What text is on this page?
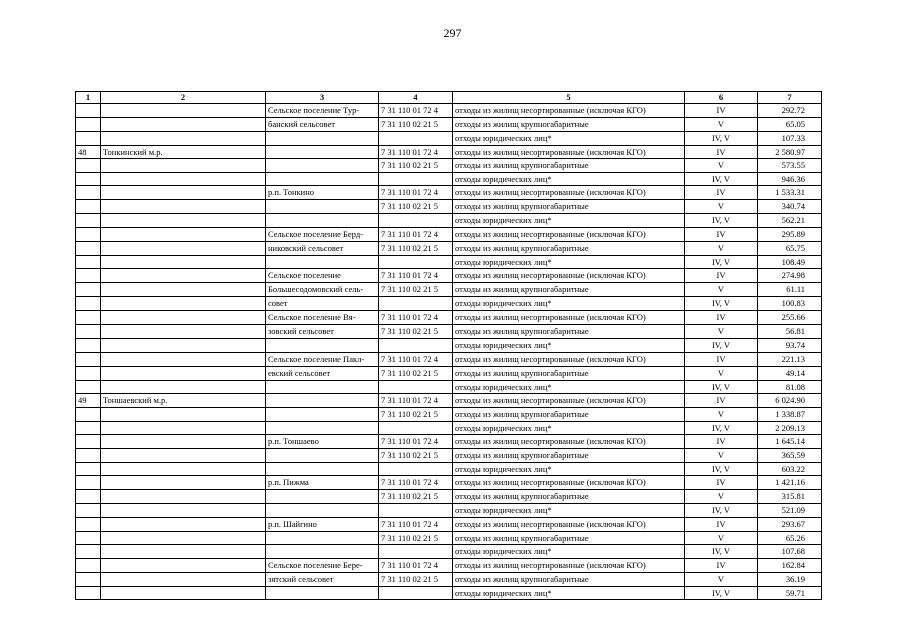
297
1	2	3	4	5	6	7
		Сельское поселение Тур-	7 31 110 01 72 4	отходы из жилищ несортированные (исключая КГО)	IV	292.72
		банский сельсовет	7 31 110 02 21 5	отходы из жилищ крупногабаритные	V	65.05
				отходы юридических лиц*	IV, V	107.33
48	Тонкинский м.р.		7 31 110 01 72 4	отходы из жилищ несортированные (исключая КГО)	IV	2 580.97
			7 31 110 02 21 5	отходы из жилищ крупногабаритные	V	573.55
				отходы юридических лиц*	IV, V	946.36
		р.п. Тонкино	7 31 110 01 72 4	отходы из жилищ несортированные (исключая КГО)	IV	1 533.31
			7 31 110 02 21 5	отходы из жилищ крупногабаритные	V	340.74
				отходы юридических лиц*	IV, V	562.21
		Сельское поселение Берд-	7 31 110 01 72 4	отходы из жилищ несортированные (исключая КГО)	IV	295.89
		никовский сельсовет	7 31 110 02 21 5	отходы из жилищ крупногабаритные	V	65.75
				отходы юридических лиц*	IV, V	108.49
		Сельское поселение	7 31 110 01 72 4	отходы из жилищ несортированные (исключая КГО)	IV	274.98
		Большесодомовский сель-	7 31 110 02 21 5	отходы из жилищ крупногабаритные	V	61.11
		совет		отходы юридических лиц*	IV, V	100.83
		Сельское поселение Вя-	7 31 110 01 72 4	отходы из жилищ несортированные (исключая КГО)	IV	255.66
		зовский сельсовет	7 31 110 02 21 5	отходы из жилищ крупногабаритные	V	56.81
				отходы юридических лиц*	IV, V	93.74
		Сельское поселение Пакл-	7 31 110 01 72 4	отходы из жилищ несортированные (исключая КГО)	IV	221.13
		евский сельсовет	7 31 110 02 21 5	отходы из жилищ крупногабаритные	V	49.14
				отходы юридических лиц*	IV, V	81.08
49	Тоншаевский м.р.		7 31 110 01 72 4	отходы из жилищ несортированные (исключая КГО)	IV	6 024.90
			7 31 110 02 21 5	отходы из жилищ крупногабаритные	V	1 338.87
				отходы юридических лиц*	IV, V	2 209.13
		р.п. Тоншаево	7 31 110 01 72 4	отходы из жилищ несортированные (исключая КГО)	IV	1 645.14
			7 31 110 02 21 5	отходы из жилищ крупногабаритные	V	365.59
				отходы юридических лиц*	IV, V	603.22
		р.п. Пижма	7 31 110 01 72 4	отходы из жилищ несортированные (исключая КГО)	IV	1 421.16
			7 31 110 02 21 5	отходы из жилищ крупногабаритные	V	315.81
				отходы юридических лиц*	IV, V	521.09
		р.п. Шайгино	7 31 110 01 72 4	отходы из жилищ несортированные (исключая КГО)	IV	293.67
			7 31 110 02 21 5	отходы из жилищ крупногабаритные	V	65.26
				отходы юридических лиц*	IV, V	107.68
		Сельское поселение Бере-	7 31 110 01 72 4	отходы из жилищ несортированные (исключая КГО)	IV	162.84
		зятский сельсовет	7 31 110 02 21 5	отходы из жилищ крупногабаритные	V	36.19
				отходы юридических лиц*	IV, V	59.71
